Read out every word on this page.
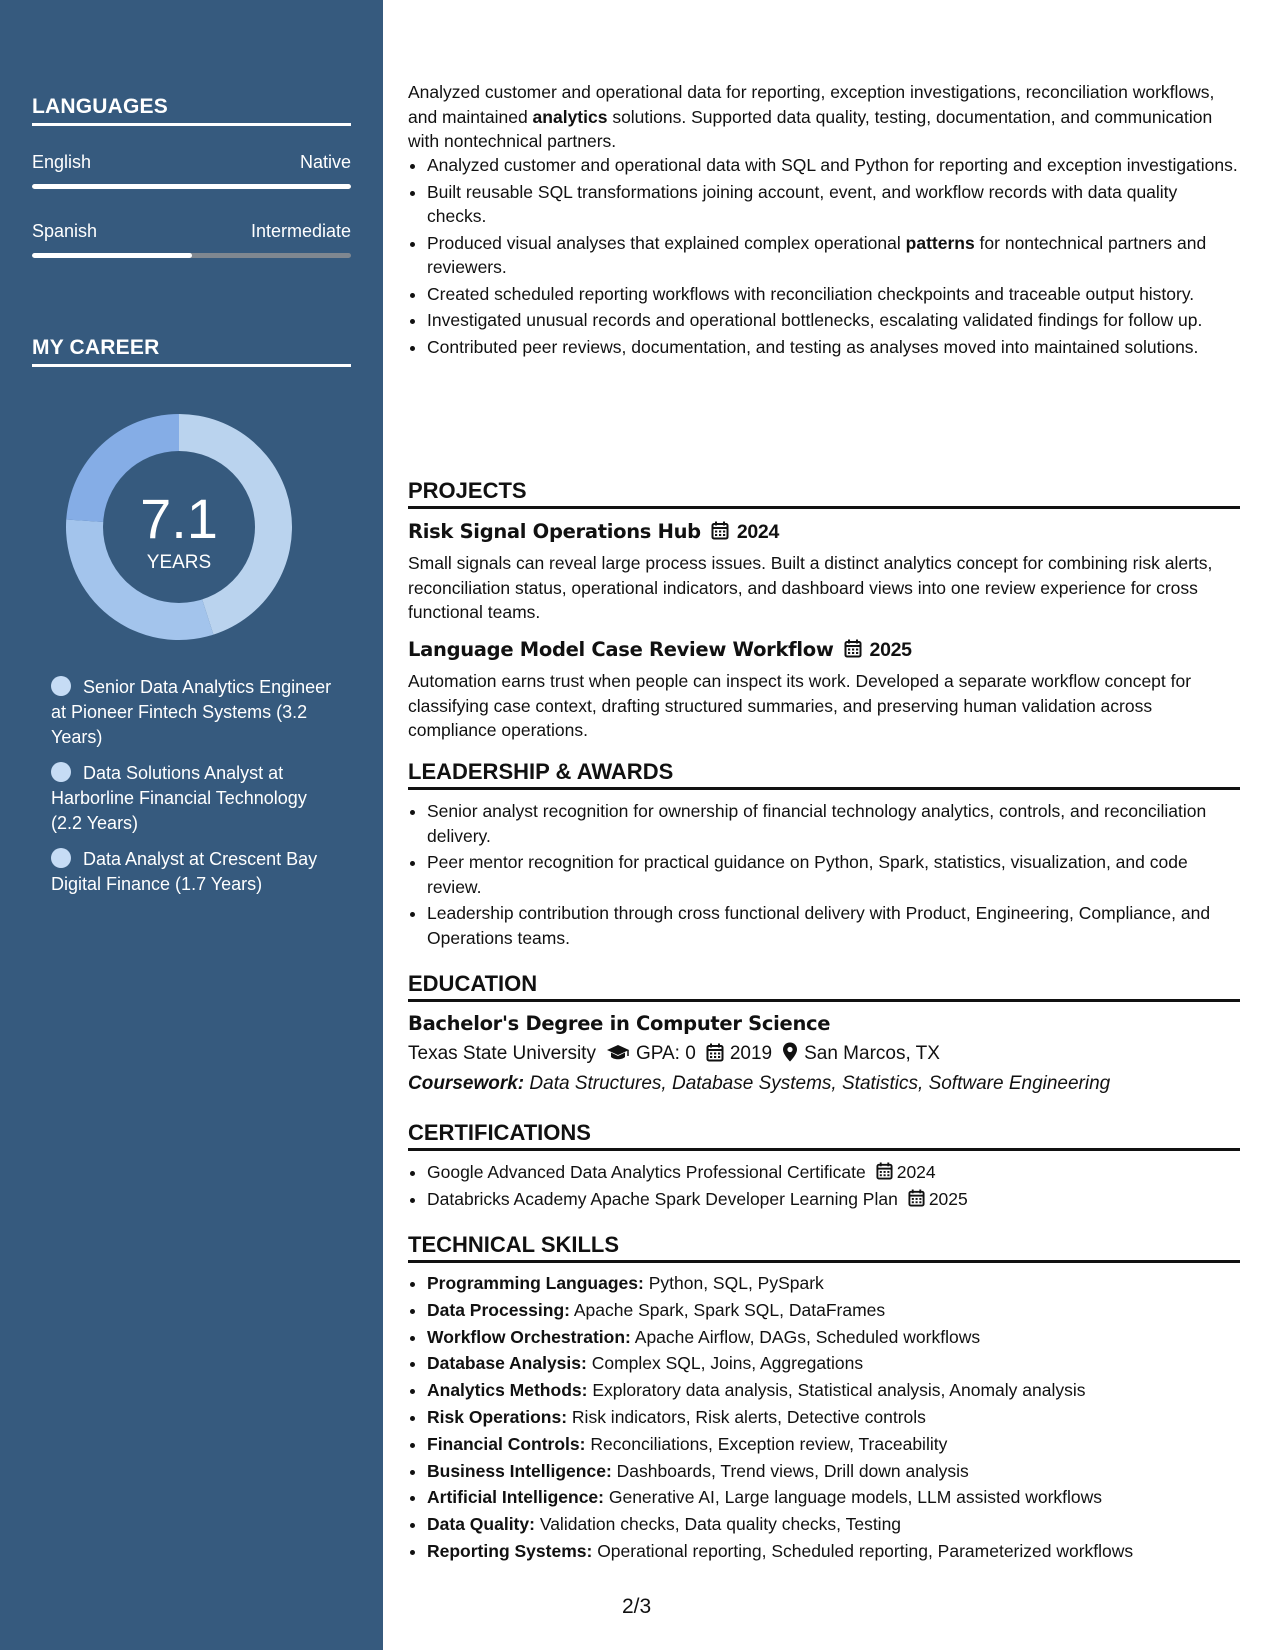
LANGUAGES
English	Native
Spanish	Intermediate
MY CAREER
7.1
YEARS
Senior Data Analytics Engineer at Pioneer Fintech Systems (3.2 Years)
Data Solutions Analyst at Harborline Financial Technology (2.2 Years)
Data Analyst at Crescent Bay Digital Finance (1.7 Years)

Analyzed customer and operational data for reporting, exception investigations, reconciliation workflows, and maintained analytics solutions. Supported data quality, testing, documentation, and communication with nontechnical partners.

• Analyzed customer and operational data with SQL and Python for reporting and exception investigations.
• Built reusable SQL transformations joining account, event, and workflow records with data quality checks.
• Produced visual analyses that explained complex operational patterns for nontechnical partners and reviewers.
• Created scheduled reporting workflows with reconciliation checkpoints and traceable output history.
• Investigated unusual records and operational bottlenecks, escalating validated findings for follow up.
• Contributed peer reviews, documentation, and testing as analyses moved into maintained solutions.
PROJECTS
Risk Signal Operations Hub 2024

Small signals can reveal large process issues. Built a distinct analytics concept for combining risk alerts, reconciliation status, operational indicators, and dashboard views into one review experience for cross functional teams.

Language Model Case Review Workflow 2025

Automation earns trust when people can inspect its work. Developed a separate workflow concept for classifying case context, drafting structured summaries, and preserving human validation across compliance operations.

LEADERSHIP & AWARDS
• Senior analyst recognition for ownership of financial technology analytics, controls, and reconciliation delivery.
• Peer mentor recognition for practical guidance on Python, Spark, statistics, visualization, and code review.
• Leadership contribution through cross functional delivery with Product, Engineering, Compliance, and Operations teams.
EDUCATION
Bachelor's Degree in Computer Science

Texas State University GPA: 0 2019 San Marcos, TX

Coursework: Data Structures, Database Systems, Statistics, Software Engineering

CERTIFICATIONS
• Google Advanced Data Analytics Professional Certificate 2024
• Databricks Academy Apache Spark Developer Learning Plan 2025
TECHNICAL SKILLS
• Programming Languages: Python, SQL, PySpark
• Data Processing: Apache Spark, Spark SQL, DataFrames
• Workflow Orchestration: Apache Airflow, DAGs, Scheduled workflows
• Database Analysis: Complex SQL, Joins, Aggregations
• Analytics Methods: Exploratory data analysis, Statistical analysis, Anomaly analysis
• Risk Operations: Risk indicators, Risk alerts, Detective controls
• Financial Controls: Reconciliations, Exception review, Traceability
• Business Intelligence: Dashboards, Trend views, Drill down analysis
• Artificial Intelligence: Generative AI, Large language models, LLM assisted workflows
• Data Quality: Validation checks, Data quality checks, Testing
• Reporting Systems: Operational reporting, Scheduled reporting, Parameterized workflows
2/3
